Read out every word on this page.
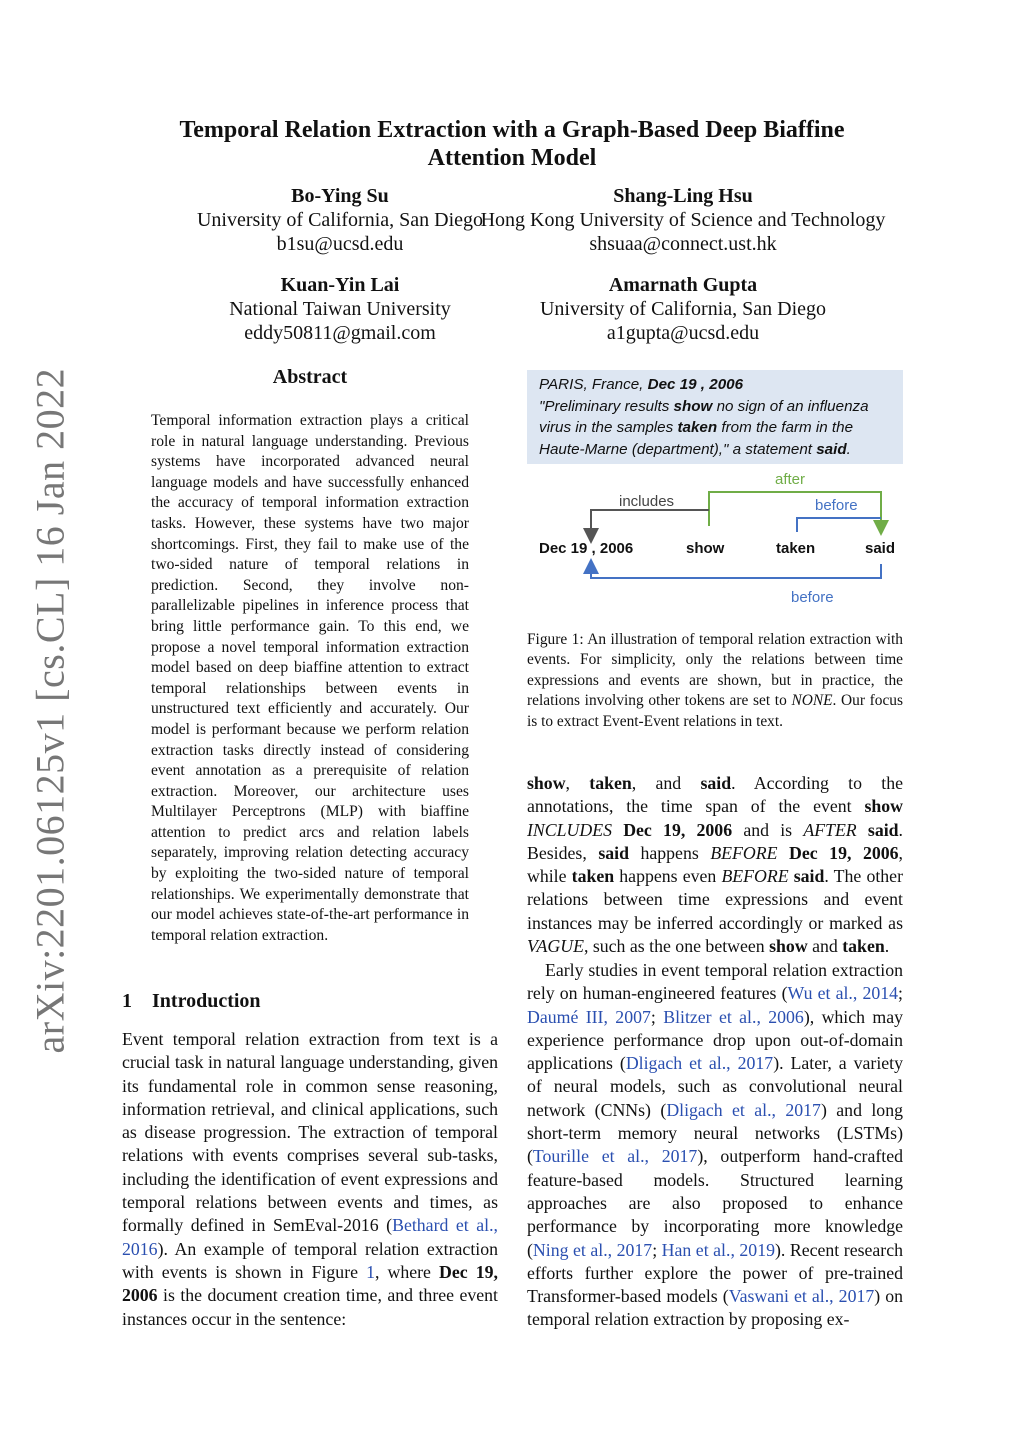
arXiv:2201.06125v1 [cs.CL] 16 Jan 2022
Temporal Relation Extraction with a Graph-Based Deep Biaffine
Attention Model
Bo-Ying Su
University of California, San Diego
b1su@ucsd.edu
Shang-Ling Hsu
Hong Kong University of Science and Technology
shsuaa@connect.ust.hk
Kuan-Yin Lai
National Taiwan University
eddy50811@gmail.com
Amarnath Gupta
University of California, San Diego
a1gupta@ucsd.edu
Abstract
Temporal information extraction plays a critical role in natural language understanding. Previous systems have incorporated advanced neural language models and have successfully enhanced the accuracy of temporal information extraction tasks. However, these systems have two major shortcomings. First, they fail to make use of the two-sided nature of temporal relations in prediction. Second, they involve non-parallelizable pipelines in inference process that bring little performance gain. To this end, we propose a novel temporal information extraction model based on deep biaffine attention to extract temporal relationships between events in unstructured text efficiently and accurately. Our model is performant because we perform relation extraction tasks directly instead of considering event annotation as a prerequisite of relation extraction. Moreover, our architecture uses Multilayer Perceptrons (MLP) with biaffine attention to predict arcs and relation labels separately, improving relation detecting accuracy by exploiting the two-sided nature of temporal relationships. We experimentally demonstrate that our model achieves state-of-the-art performance in temporal relation extraction.
1 Introduction
Event temporal relation extraction from text is a crucial task in natural language understanding, given its fundamental role in common sense reasoning, information retrieval, and clinical applications, such as disease progression. The extraction of temporal relations with events comprises several sub-tasks, including the identification of event expressions and temporal relations between events and times, as formally defined in SemEval-2016 (Bethard et al., 2016). An example of temporal relation extraction with events is shown in Figure 1, where Dec 19, 2006 is the document creation time, and three event instances occur in the sentence:
PARIS, France, Dec 19 , 2006
"Preliminary results show no sign of an influenza
virus in the samples taken from the farm in the
Haute-Marne (department)," a statement said.
after
includes	before
Dec 19 , 2006	show	taken	said
before
Figure 1: An illustration of temporal relation extraction with events. For simplicity, only the relations between time expressions and events are shown, but in practice, the relations involving other tokens are set to NONE. Our focus is to extract Event-Event relations in text.
show, taken, and said. According to the annotations, the time span of the event show INCLUDES Dec 19, 2006 and is AFTER said. Besides, said happens BEFORE Dec 19, 2006, while taken happens even BEFORE said. The other relations between time expressions and event instances may be inferred accordingly or marked as VAGUE, such as the one between show and taken.
Early studies in event temporal relation extraction rely on human-engineered features (Wu et al., 2014; Daumé III, 2007; Blitzer et al., 2006), which may experience performance drop upon out-of-domain applications (Dligach et al., 2017). Later, a variety of neural models, such as convolutional neural network (CNNs) (Dligach et al., 2017) and long short-term memory neural networks (LSTMs) (Tourille et al., 2017), outperform hand-crafted feature-based models. Structured learning approaches are also proposed to enhance performance by incorporating more knowledge (Ning et al., 2017; Han et al., 2019). Recent research efforts further explore the power of pre-trained Transformer-based models (Vaswani et al., 2017) on temporal relation extraction by proposing ex-
